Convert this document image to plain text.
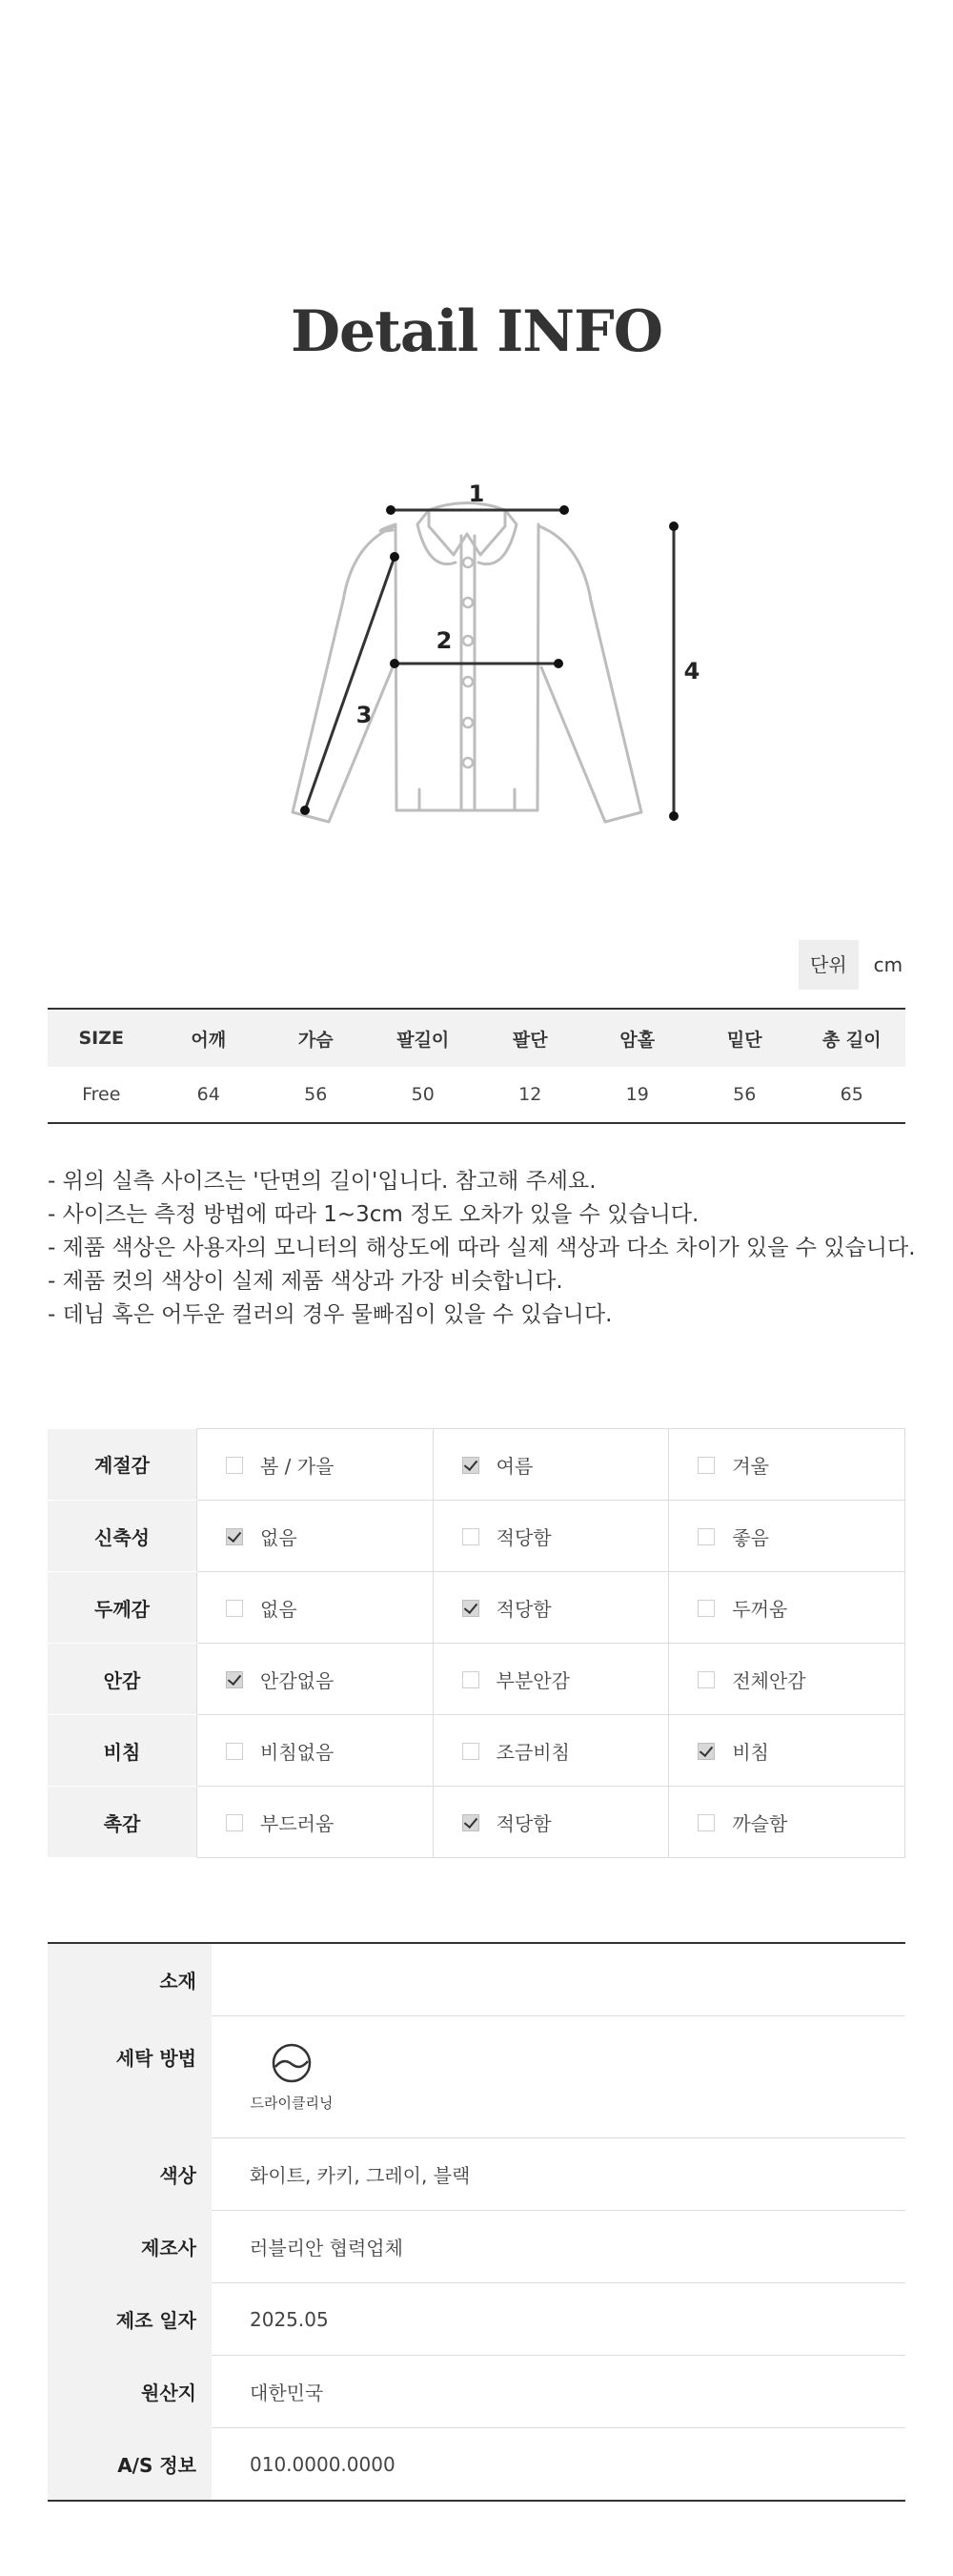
Detail INFO
1
2
3
4
단위	cm
SIZE	어깨	가슴	팔길이	팔단	암홀	밑단	총 길이
Free	64	56	50	12	19	56	65
- 위의 실측 사이즈는 '단면의 길이'입니다. 참고해 주세요.
- 사이즈는 측정 방법에 따라 1~3cm 정도 오차가 있을 수 있습니다.
- 제품 색상은 사용자의 모니터의 해상도에 따라 실제 색상과 다소 차이가 있을 수 있습니다.
- 제품 컷의 색상이 실제 제품 색상과 가장 비슷합니다.
- 데님 혹은 어두운 컬러의 경우 물빠짐이 있을 수 있습니다.
계절감	봄 / 가을	여름	겨울
신축성	없음	적당함	좋음
두께감	없음	적당함	두꺼움
안감	안감없음	부분안감	전체안감
비침	비침없음	조금비침	비침
촉감	부드러움	적당함	까슬함
소재	
세탁 방법	드라이클리닝

색상	화이트, 카키, 그레이, 블랙
제조사	러블리안 협력업체
제조 일자	2025.05
원산지	대한민국
A/S 정보	010.0000.0000
